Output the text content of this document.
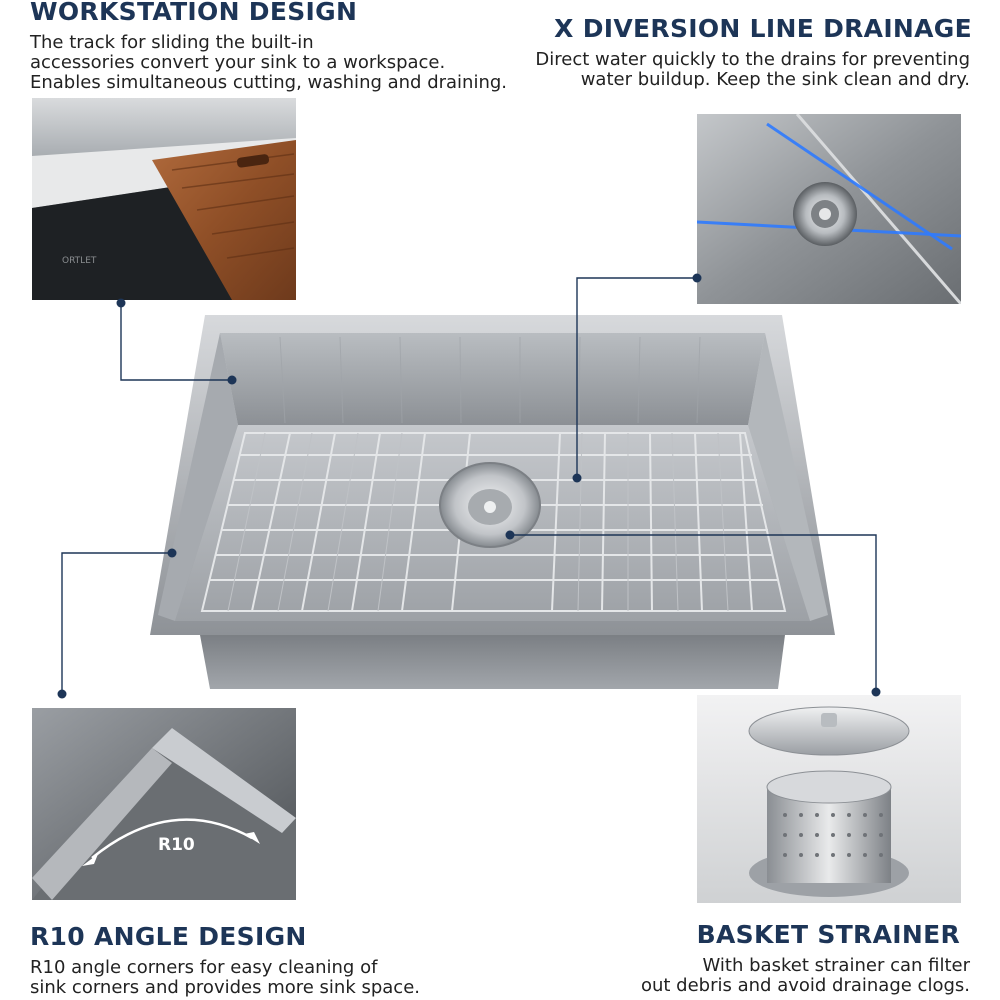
WORKSTATION DESIGN
The track for sliding the built-in
accessories convert your sink to a workspace.
Enables simultaneous cutting, washing and draining.
X DIVERSION LINE DRAINAGE
Direct water quickly to the drains for preventing
water buildup. Keep the sink clean and dry.
ORTLET
R10
R10 ANGLE DESIGN
R10 angle corners for easy cleaning of
sink corners and provides more sink space.
BASKET STRAINER
With basket strainer can filter
out debris and avoid drainage clogs.
